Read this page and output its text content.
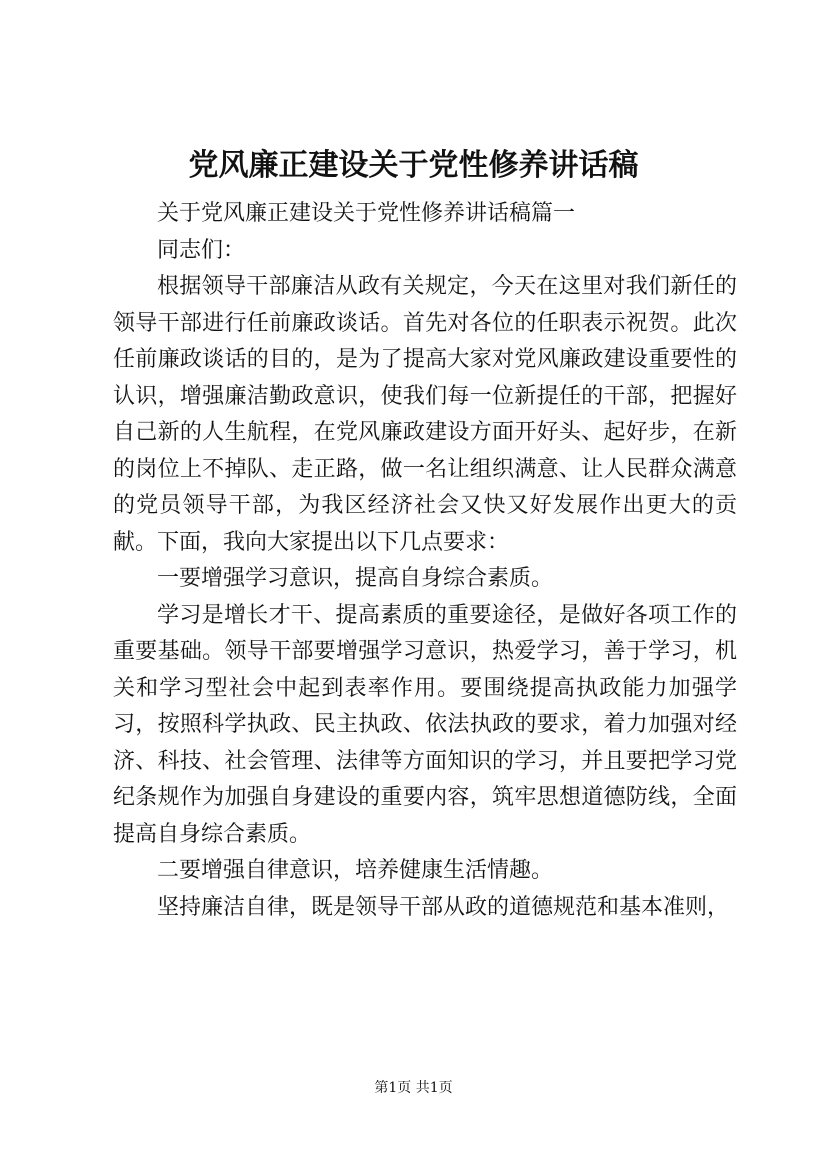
党风廉正建设关于党性修养讲话稿

关于党风廉正建设关于党性修养讲话稿篇一

同志们：

根据领导干部廉洁从政有关规定，今天在这里对我们新任的领导干部进行任前廉政谈话。首先对各位的任职表示祝贺。此次任前廉政谈话的目的，是为了提高大家对党风廉政建设重要性的认识，增强廉洁勤政意识，使我们每一位新提任的干部，把握好自己新的人生航程，在党风廉政建设方面开好头、起好步，在新的岗位上不掉队、走正路，做一名让组织满意、让人民群众满意的党员领导干部，为我区经济社会又快又好发展作出更大的贡献。下面，我向大家提出以下几点要求：

一要增强学习意识，提高自身综合素质。

学习是增长才干、提高素质的重要途径，是做好各项工作的重要基础。领导干部要增强学习意识，热爱学习，善于学习，机关和学习型社会中起到表率作用。要围绕提高执政能力加强学习，按照科学执政、民主执政、依法执政的要求，着力加强对经济、科技、社会管理、法律等方面知识的学习，并且要把学习党纪条规作为加强自身建设的重要内容，筑牢思想道德防线，全面提高自身综合素质。

二要增强自律意识，培养健康生活情趣。

坚持廉洁自律，既是领导干部从政的道德规范和基本准则，

第1页 共1页
